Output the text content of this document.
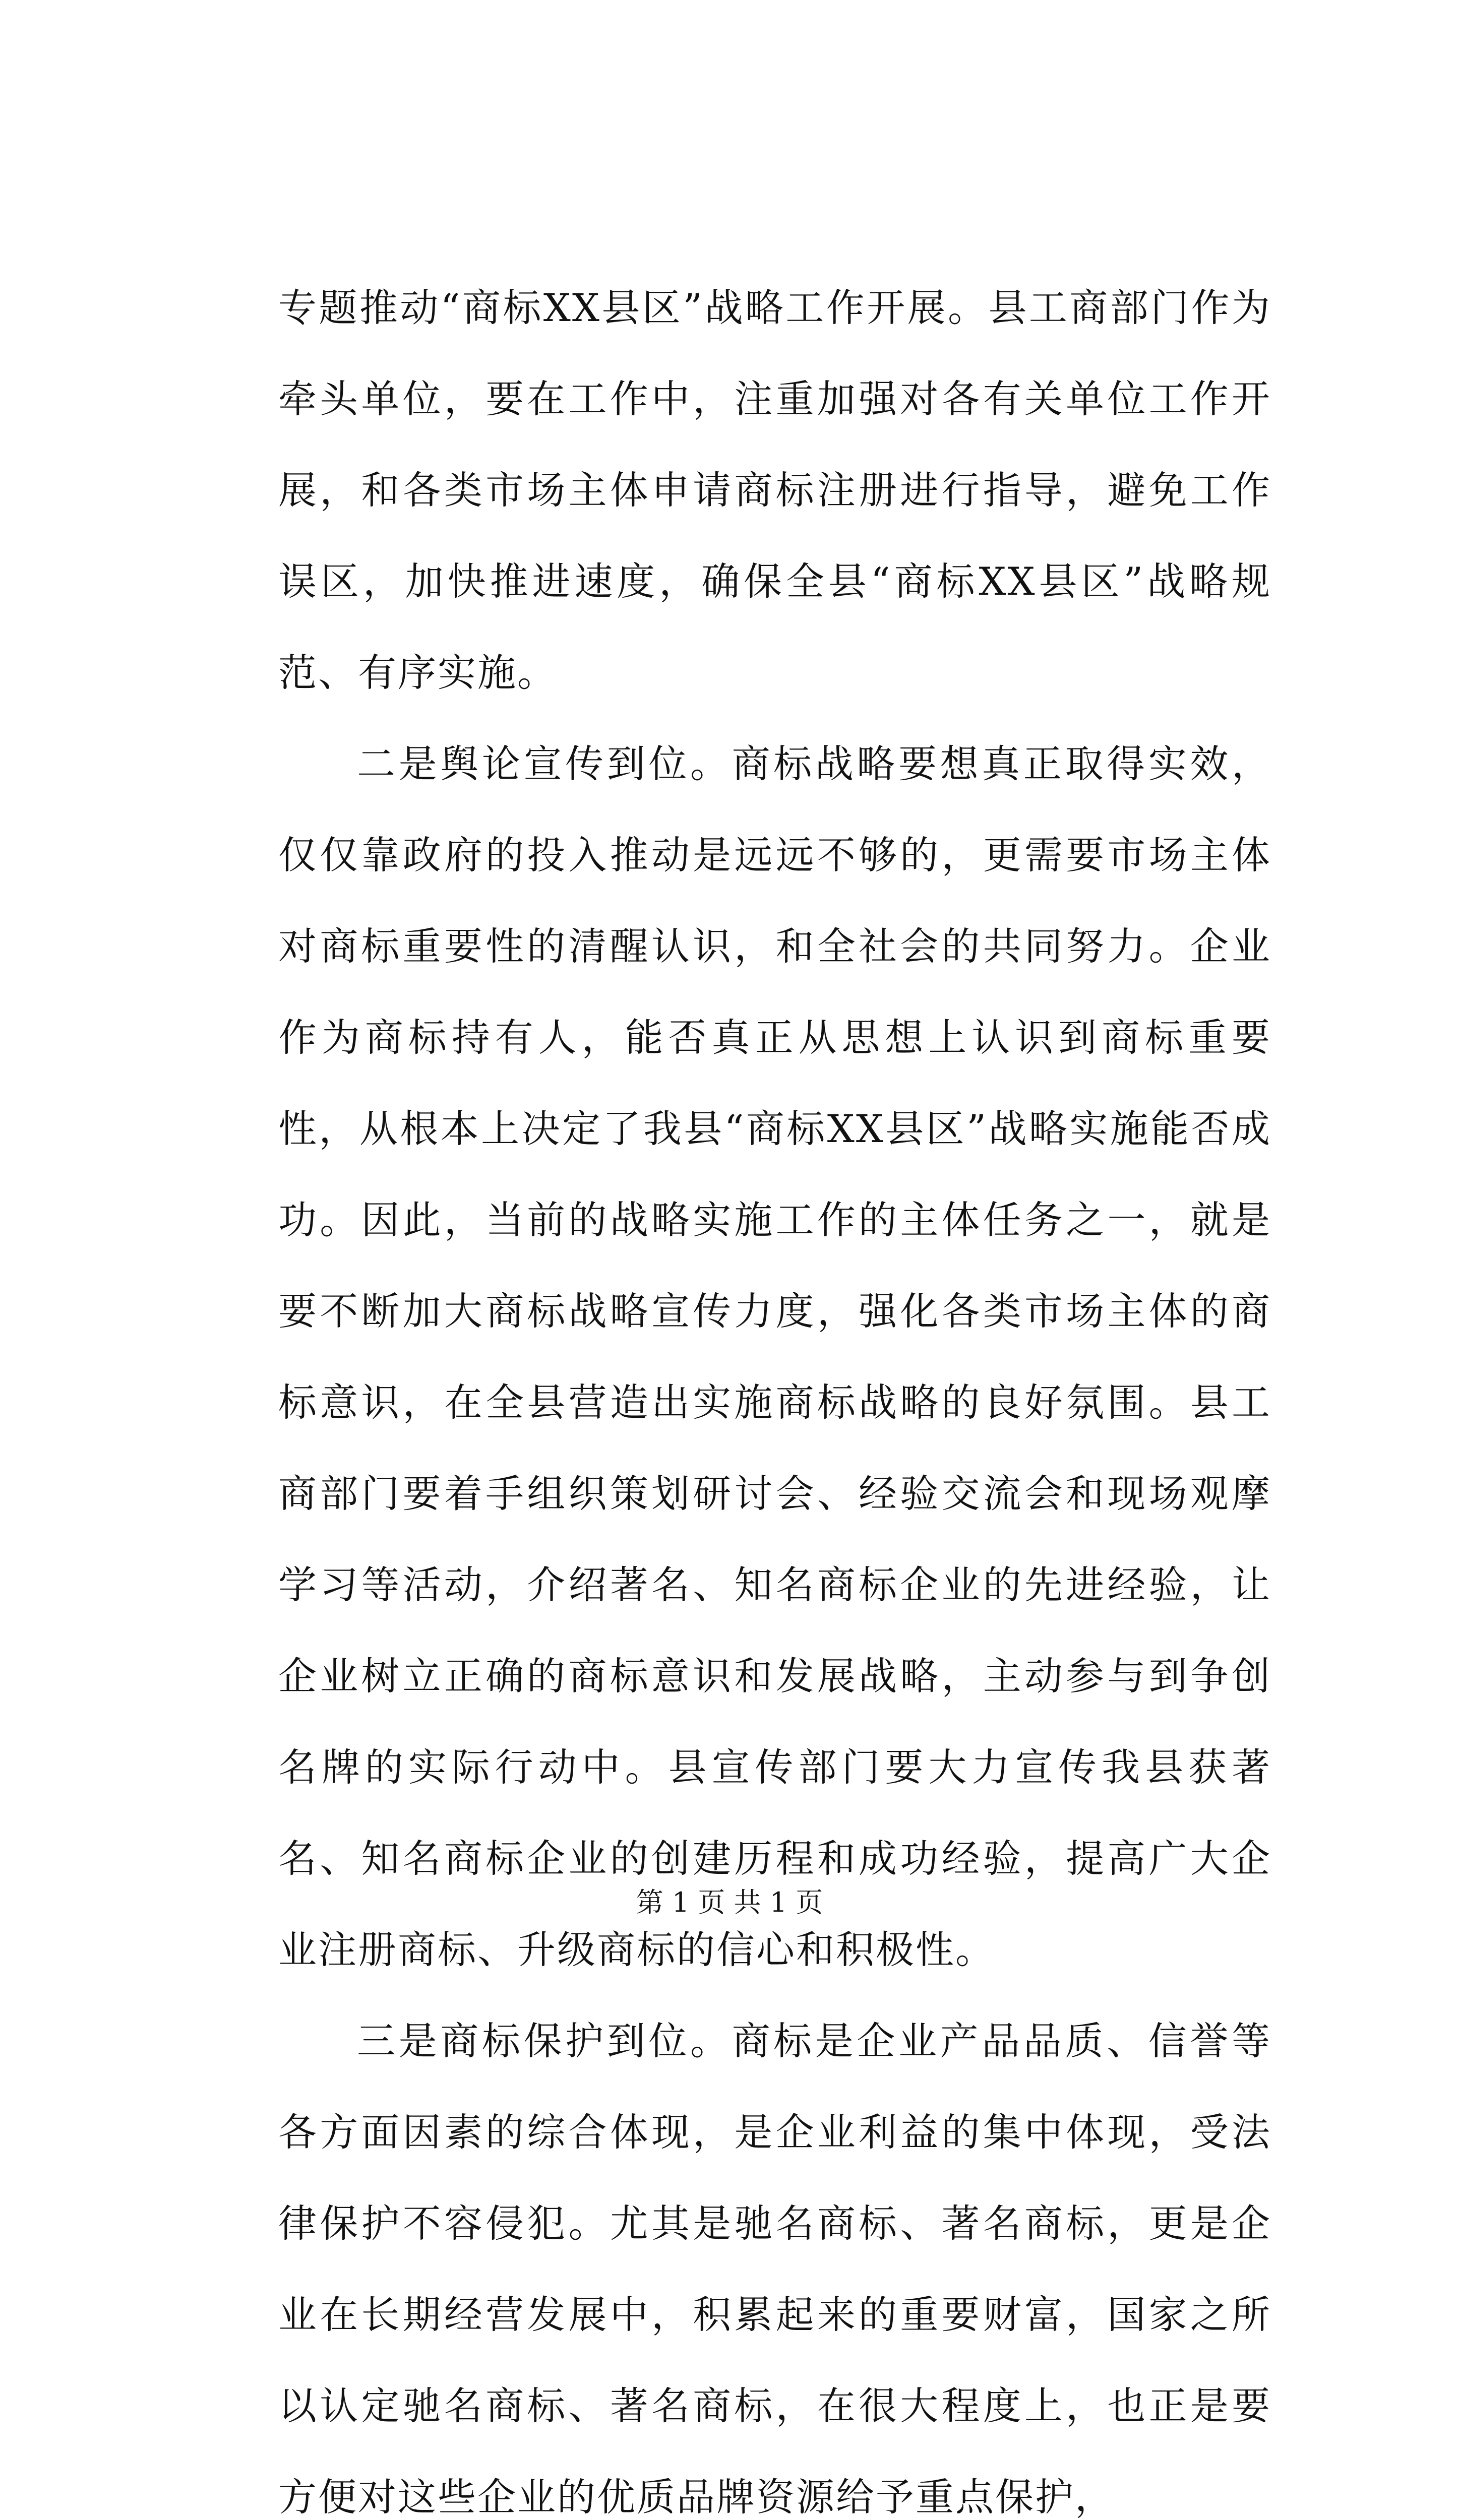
专题推动“商标XX县区”战略工作开展。县工商部门作为牵头单位，要在工作中，注重加强对各有关单位工作开展，和各类市场主体申请商标注册进行指导，避免工作误区，加快推进速度，确保全县“商标XX县区”战略规范、有序实施。

二是舆论宣传到位。商标战略要想真正取得实效，仅仅靠政府的投入推动是远远不够的，更需要市场主体对商标重要性的清醒认识，和全社会的共同努力。企业作为商标持有人，能否真正从思想上认识到商标重要性，从根本上决定了我县“商标XX县区”战略实施能否成功。因此，当前的战略实施工作的主体任务之一，就是要不断加大商标战略宣传力度，强化各类市场主体的商标意识，在全县营造出实施商标战略的良好氛围。县工商部门要着手组织策划研讨会、经验交流会和现场观摩学习等活动，介绍著名、知名商标企业的先进经验，让企业树立正确的商标意识和发展战略，主动参与到争创名牌的实际行动中。县宣传部门要大力宣传我县获著名、知名商标企业的创建历程和成功经验，提高广大企业注册商标、升级商标的信心和积极性。

三是商标保护到位。商标是企业产品品质、信誉等各方面因素的综合体现，是企业利益的集中体现，受法律保护不容侵犯。尤其是驰名商标、著名商标，更是企业在长期经营发展中，积累起来的重要财富，国家之所以认定驰名商标、著名商标，在很大程度上，也正是要方便对这些企业的优质品牌资源给予重点保护，

第 1 页 共 1 页
